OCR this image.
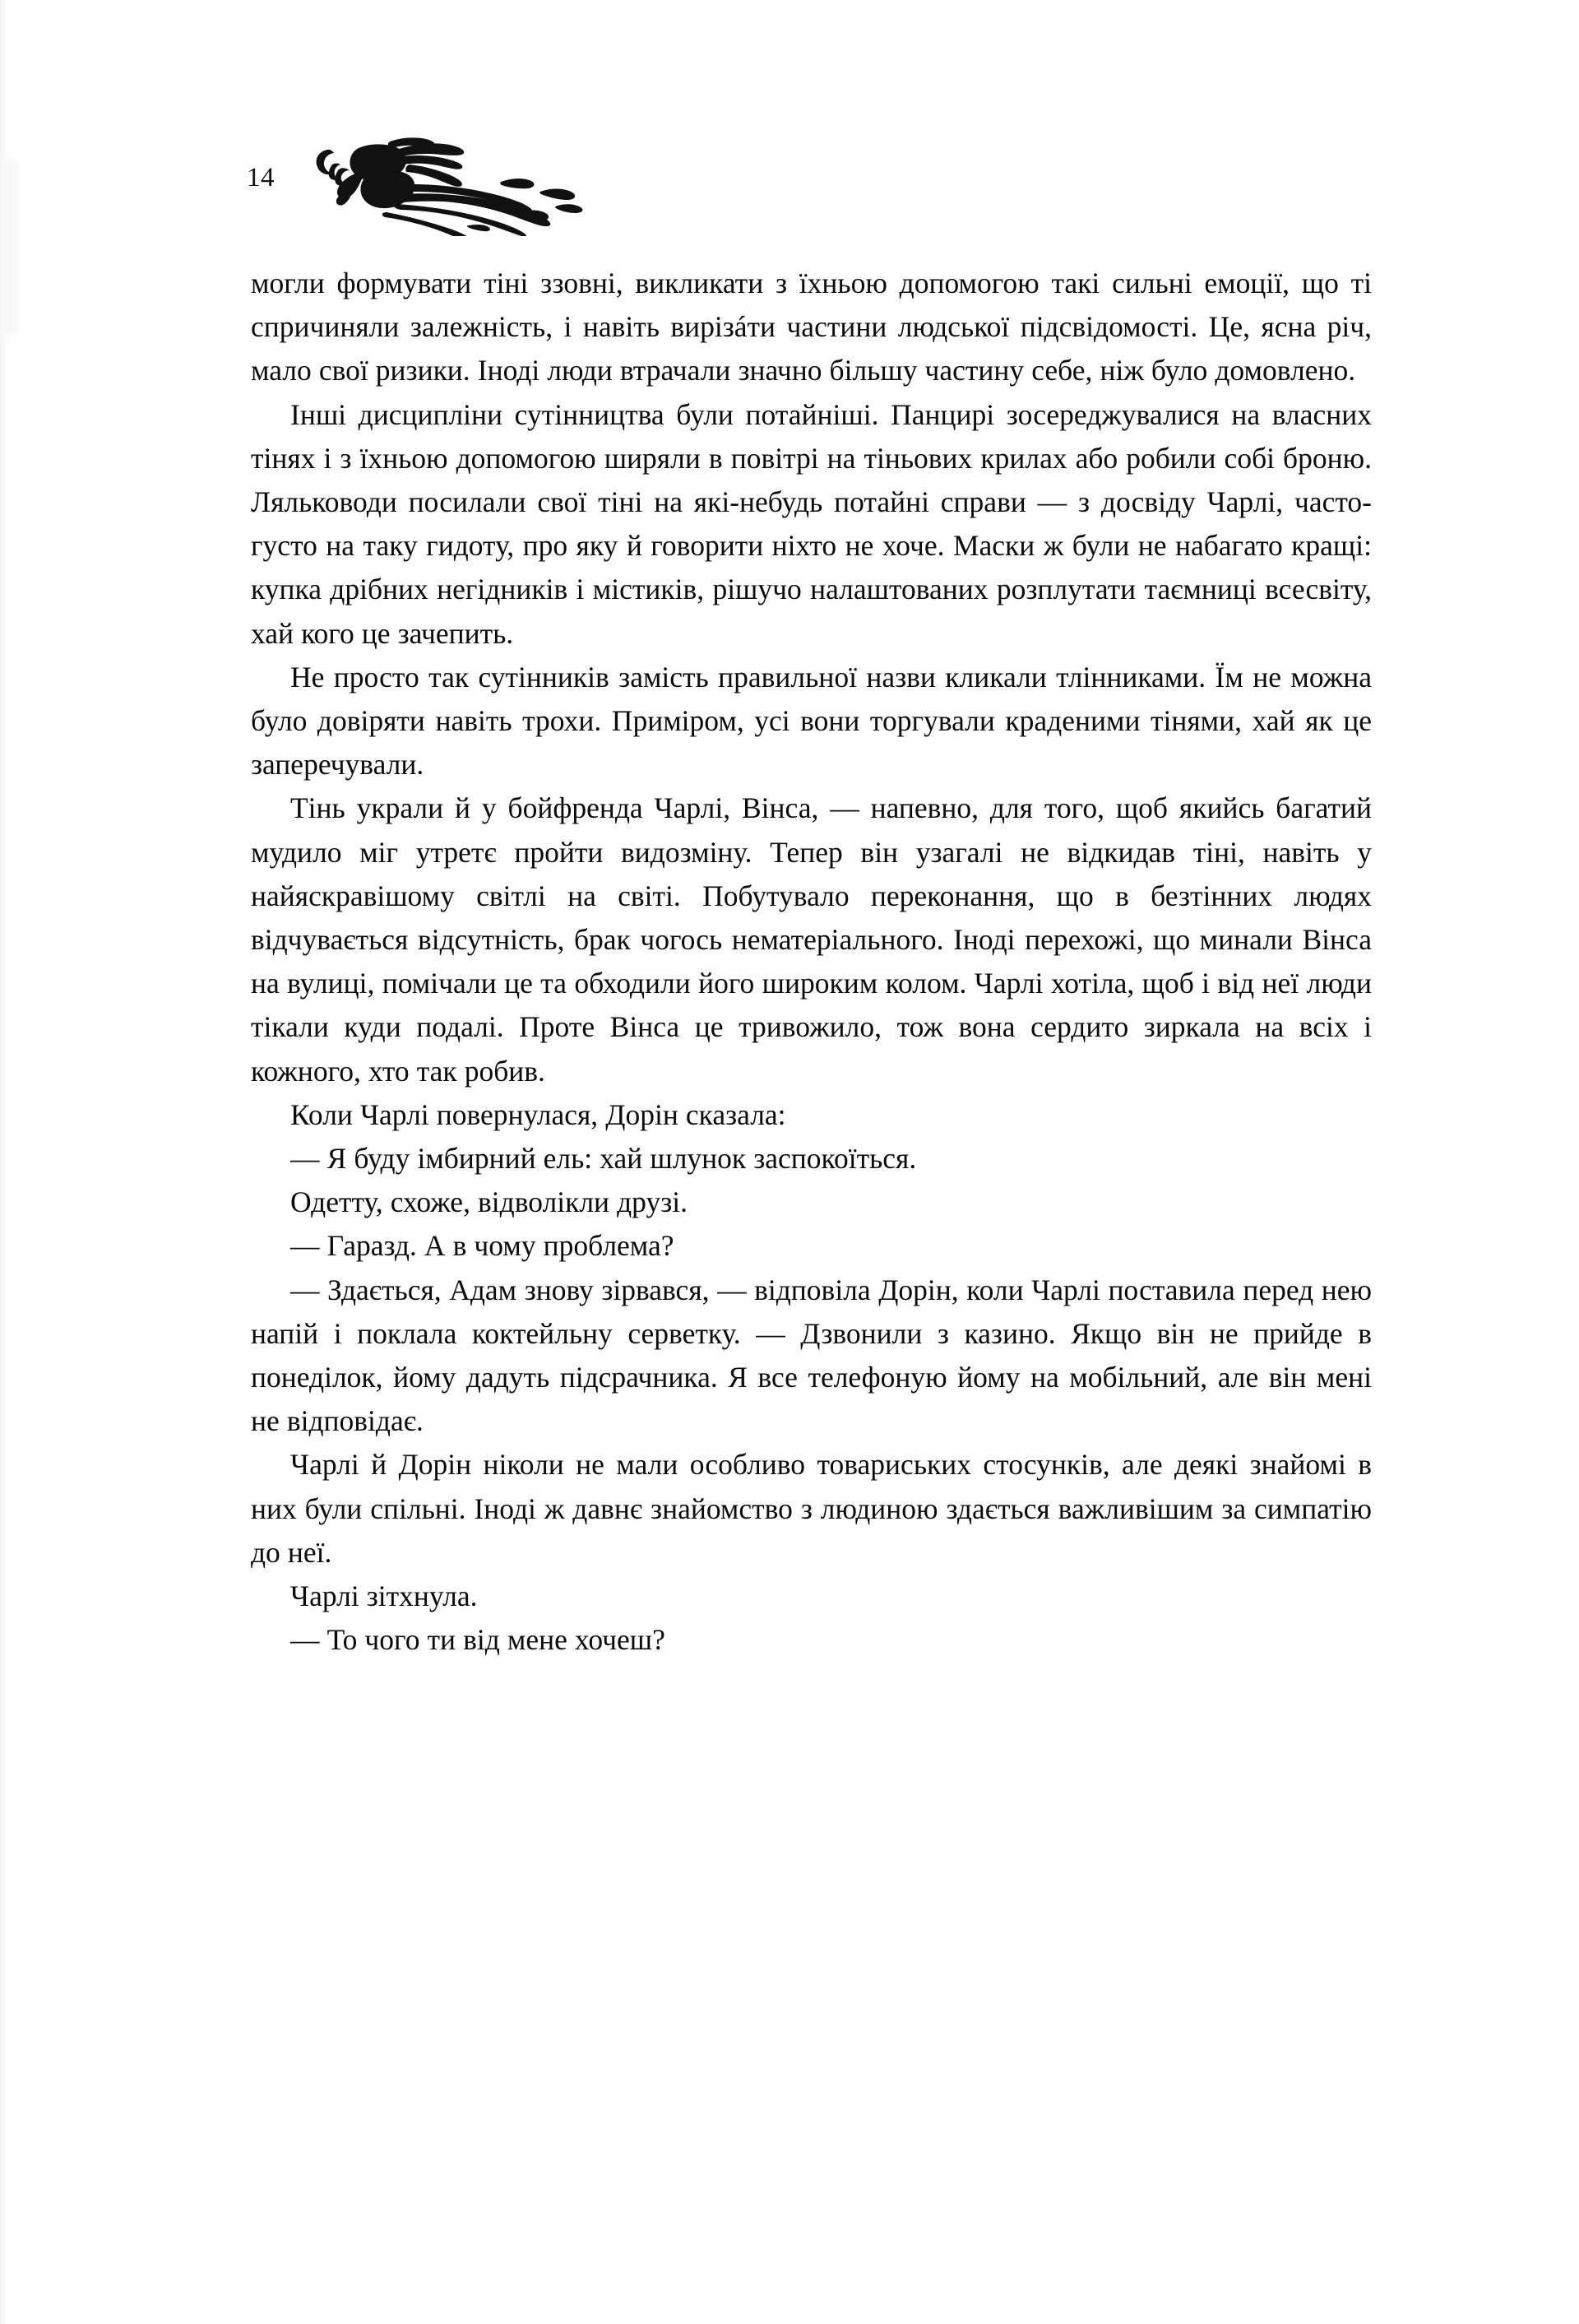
14

могли формувати тіні ззовні, викликати з їхньою допомогою такі сильні емоції, що ті спричиняли залежність, і навіть вирізáти частини людської підсвідомості. Це, ясна річ, мало свої ризики. Іноді люди втрачали значно більшу частину себе, ніж було домовлено.

Інші дисципліни сутінництва були потайніші. Панцирі зосереджувалися на власних тінях і з їхньою допомогою ширяли в повітрі на тіньових крилах або робили собі броню. Ляльководи посилали свої тіні на які-небудь потайні справи — з досвіду Чарлі, часто-густо на таку гидоту, про яку й говорити ніхто не хоче. Маски ж були не набагато кращі: купка дрібних негідників і містиків, рішучо налаштованих розплутати таємниці всесвіту, хай кого це зачепить.

Не просто так сутінників замість правильної назви кликали тлінниками. Їм не можна було довіряти навіть трохи. Приміром, усі вони торгували краденими тінями, хай як це заперечували.

Тінь украли й у бойфренда Чарлі, Вінса, — напевно, для того, щоб якийсь багатий мудило міг утретє пройти видозміну. Тепер він узагалі не відкидав тіні, навіть у найяскравішому світлі на світі. Побутувало переконання, що в безтінних людях відчувається відсутність, брак чогось нематеріального. Іноді перехожі, що минали Вінса на вулиці, помічали це та обходили його широким колом. Чарлі хотіла, щоб і від неї люди тікали куди подалі. Проте Вінса це тривожило, тож вона сердито зиркала на всіх і кожного, хто так робив.

Коли Чарлі повернулася, Дорін сказала:

— Я буду імбирний ель: хай шлунок заспокоїться.

Одетту, схоже, відволікли друзі.

— Гаразд. А в чому проблема?

— Здається, Адам знову зірвався, — відповіла Дорін, коли Чарлі поставила перед нею напій і поклала коктейльну серветку. — Дзвонили з казино. Якщо він не прийде в понеділок, йому дадуть підсрачника. Я все телефоную йому на мобільний, але він мені не відповідає.

Чарлі й Дорін ніколи не мали особливо товариських стосунків, але деякі знайомі в них були спільні. Іноді ж давнє знайомство з людиною здається важливішим за симпатію до неї.

Чарлі зітхнула.

— То чого ти від мене хочеш?
